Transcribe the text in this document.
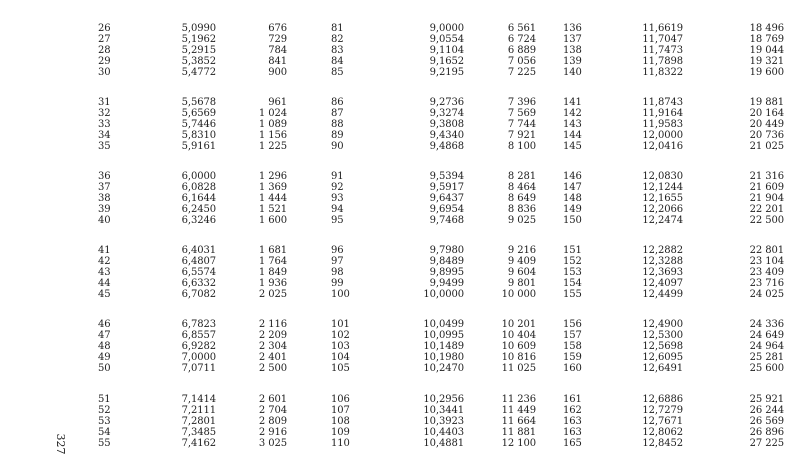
26	5,0990	676	81	9,0000	6 561	136	11,6619	18 496
27	5,1962	729	82	9,0554	6 724	137	11,7047	18 769
28	5,2915	784	83	9,1104	6 889	138	11,7473	19 044
29	5,3852	841	84	9,1652	7 056	139	11,7898	19 321
30	5,4772	900	85	9,2195	7 225	140	11,8322	19 600
31	5,5678	961	86	9,2736	7 396	141	11,8743	19 881
32	5,6569	1 024	87	9,3274	7 569	142	11,9164	20 164
33	5,7446	1 089	88	9,3808	7 744	143	11,9583	20 449
34	5,8310	1 156	89	9,4340	7 921	144	12,0000	20 736
35	5,9161	1 225	90	9,4868	8 100	145	12,0416	21 025
36	6,0000	1 296	91	9,5394	8 281	146	12,0830	21 316
37	6,0828	1 369	92	9,5917	8 464	147	12,1244	21 609
38	6,1644	1 444	93	9,6437	8 649	148	12,1655	21 904
39	6,2450	1 521	94	9,6954	8 836	149	12,2066	22 201
40	6,3246	1 600	95	9,7468	9 025	150	12,2474	22 500
41	6,4031	1 681	96	9,7980	9 216	151	12,2882	22 801
42	6,4807	1 764	97	9,8489	9 409	152	12,3288	23 104
43	6,5574	1 849	98	9,8995	9 604	153	12,3693	23 409
44	6,6332	1 936	99	9,9499	9 801	154	12,4097	23 716
45	6,7082	2 025	100	10,0000	10 000	155	12,4499	24 025
46	6,7823	2 116	101	10,0499	10 201	156	12,4900	24 336
47	6,8557	2 209	102	10,0995	10 404	157	12,5300	24 649
48	6,9282	2 304	103	10,1489	10 609	158	12,5698	24 964
49	7,0000	2 401	104	10,1980	10 816	159	12,6095	25 281
50	7,0711	2 500	105	10,2470	11 025	160	12,6491	25 600
51	7,1414	2 601	106	10,2956	11 236	161	12,6886	25 921
52	7,2111	2 704	107	10,3441	11 449	162	12,7279	26 244
53	7,2801	2 809	108	10,3923	11 664	163	12,7671	26 569
54	7,3485	2 916	109	10,4403	11 881	163	12,8062	26 896
55	7,4162	3 025	110	10,4881	12 100	165	12,8452	27 225
327
